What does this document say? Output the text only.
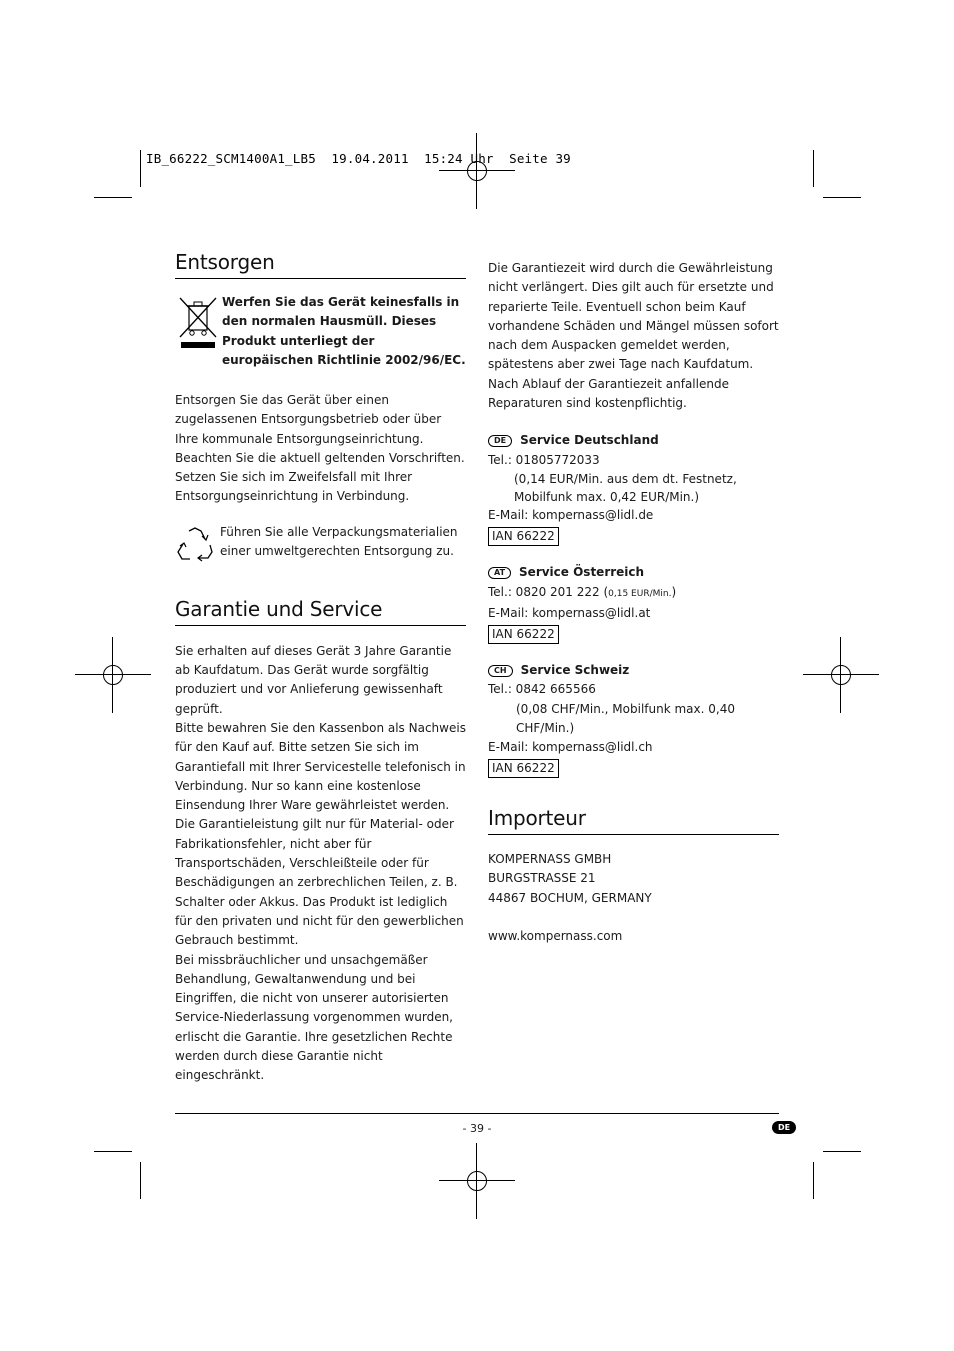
IB_66222_SCM1400A1_LB5  19.04.2011  15:24 Uhr  Seite 39
Entsorgen

Werfen Sie das Gerät keinesfalls in den normalen Hausmüll. Dieses Produkt unterliegt der europäischen Richtlinie 2002/96/EC.

Entsorgen Sie das Gerät über einen zugelassenen Entsorgungsbetrieb oder über Ihre kommunale Entsorgungseinrichtung.

Beachten Sie die aktuell geltenden Vorschriften. Setzen Sie sich im Zweifelsfall mit Ihrer Entsorgungseinrichtung in Verbindung.

Führen Sie alle Verpackungsmaterialien einer umweltgerechten Entsorgung zu.

Garantie und Service

Sie erhalten auf dieses Gerät 3 Jahre Garantie ab Kaufdatum. Das Gerät wurde sorgfältig produziert und vor Anlieferung gewissenhaft geprüft.

Bitte bewahren Sie den Kassenbon als Nachweis für den Kauf auf. Bitte setzen Sie sich im Garantiefall mit Ihrer Servicestelle telefonisch in Verbindung. Nur so kann eine kostenlose Einsendung Ihrer Ware gewährleistet werden.

Die Garantieleistung gilt nur für Material- oder Fabrikationsfehler, nicht aber für Transportschäden, Verschleißteile oder für Beschädigungen an zerbrechlichen Teilen, z. B. Schalter oder Akkus. Das Produkt ist lediglich für den privaten und nicht für den gewerblichen Gebrauch bestimmt.

Bei missbräuchlicher und unsachgemäßer Behandlung, Gewaltanwendung und bei Eingriffen, die nicht von unserer autorisierten Service-Niederlassung vorgenommen wurden, erlischt die Garantie. Ihre gesetzlichen Rechte werden durch diese Garantie nicht eingeschränkt.

Die Garantiezeit wird durch die Gewährleistung nicht verlängert. Dies gilt auch für ersetzte und reparierte Teile. Eventuell schon beim Kauf vorhandene Schäden und Mängel müssen sofort nach dem Auspacken gemeldet werden, spätestens aber zwei Tage nach Kaufdatum. Nach Ablauf der Garantiezeit anfallende Reparaturen sind kostenpflichtig.

DE Service Deutschland

Tel.: 01805772033

(0,14 EUR/Min. aus dem dt. Festnetz,

Mobilfunk max. 0,42 EUR/Min.)

E-Mail: kompernass@lidl.de

IAN 66222

AT Service Österreich

Tel.: 0820 201 222 (0,15 EUR/Min.)

E-Mail: kompernass@lidl.at

IAN 66222

CH Service Schweiz

Tel.: 0842 665566

(0,08 CHF/Min., Mobilfunk max. 0,40 CHF/Min.)

E-Mail: kompernass@lidl.ch

IAN 66222
Importeur

KOMPERNASS GMBH

BURGSTRASSE 21

44867 BOCHUM, GERMANY

www.kompernass.com

- 39 -	DE
